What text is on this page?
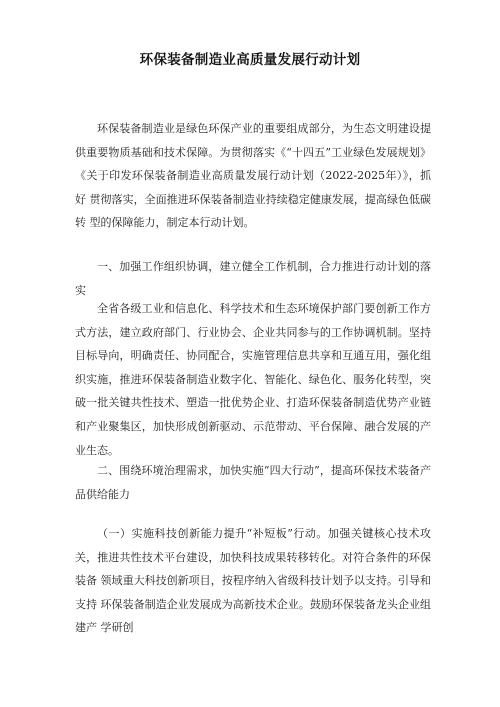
环保装备制造业高质量发展行动计划

环保装备制造业是绿色环保产业的重要组成部分，为生态文明建设提 供重要物质基础和技术保障。为贯彻落实《“十四五”工业绿色发展规划》《关于印发环保装备制造业高质量发展行动计划（2022-2025年）》，抓好 贯彻落实，全面推进环保装备制造业持续稳定健康发展，提高绿色低碳转 型的保障能力，制定本行动计划。

一、加强工作组织协调，建立健全工作机制，合力推进行动计划的落 实

全省各级工业和信息化、科学技术和生态环境保护部门要创新工作方 式方法，建立政府部门、行业协会、企业共同参与的工作协调机制。坚持 目标导向，明确责任、协同配合，实施管理信息共享和互通互用，强化组 织实施，推进环保装备制造业数字化、智能化、绿色化、服务化转型，突 破一批关键共性技术、塑造一批优势企业、打造环保装备制造优势产业链 和产业聚集区，加快形成创新驱动、示范带动、平台保障、融合发展的产 业生态。

二、围绕环境治理需求，加快实施“四大行动”，提高环保技术装备产 品供给能力

（一）实施科技创新能力提升“补短板”行动。加强关键核心技术攻关，推进共性技术平台建设，加快科技成果转移转化。对符合条件的环保装备 领域重大科技创新项目，按程序纳入省级科技计划予以支持。引导和支持 环保装备制造企业发展成为高新技术企业。鼓励环保装备龙头企业组建产 学研创
